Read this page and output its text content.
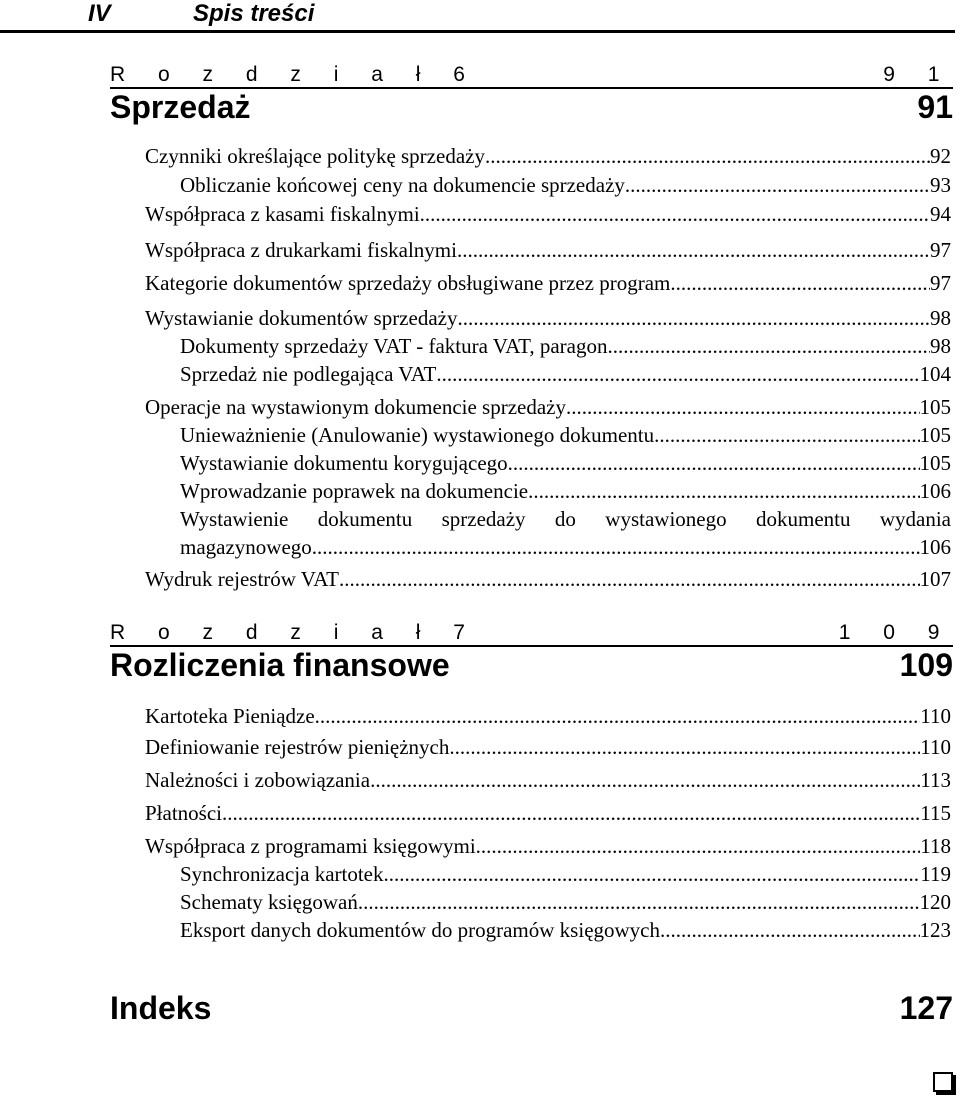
IV	Spis treści
R o z d z i a ł 6	9 1
Sprzedaż	91
Czynniki określające politykę sprzedaży .....	92
Obliczanie końcowej ceny na dokumencie sprzedaży .....	93
Współpraca z kasami fiskalnymi .....	94
Współpraca z drukarkami fiskalnymi .....	97
Kategorie dokumentów sprzedaży obsługiwane przez program .....	97
Wystawianie dokumentów sprzedaży .....	98
Dokumenty sprzedaży VAT - faktura VAT, paragon .....	98
Sprzedaż nie podlegająca VAT .....	104
Operacje na wystawionym dokumencie sprzedaży .....	105
Unieważnienie (Anulowanie) wystawionego dokumentu .....	105
Wystawianie dokumentu korygującego .....	105
Wprowadzanie poprawek na dokumencie .....	106
Wystawienie dokumentu sprzedaży do wystawionego dokumentu wydania
magazynowego .....	106
Wydruk rejestrów VAT .....	107
R o z d z i a ł 7	1 0 9
Rozliczenia finansowe	109
Kartoteka Pieniądze .....	110
Definiowanie rejestrów pieniężnych .....	110
Należności i zobowiązania .....	113
Płatności .....	115
Współpraca z programami księgowymi .....	118
Synchronizacja kartotek .....	119
Schematy księgowań .....	120
Eksport danych dokumentów do programów księgowych .....	123
Indeks	127
